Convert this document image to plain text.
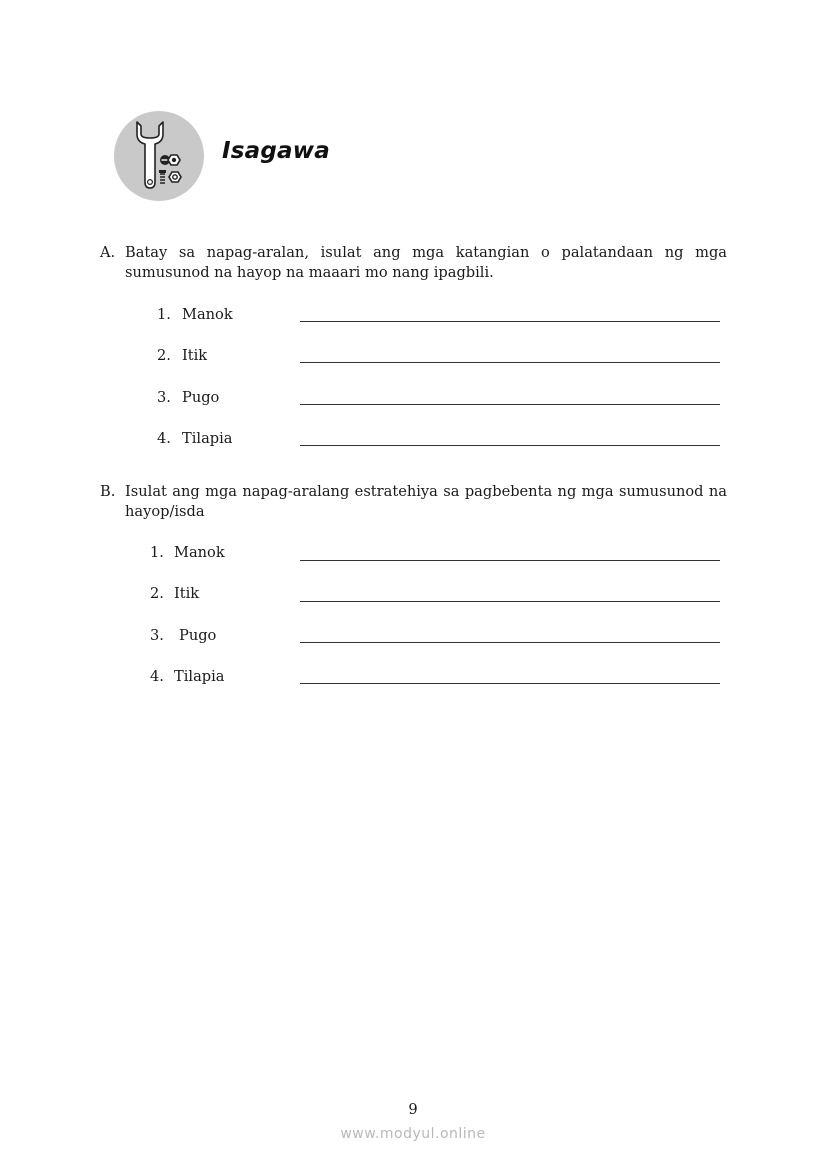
Isagawa
A. Batay sa napag-aralan, isulat ang mga katangian o palatandaan ng mga sumusunod na hayop na maaari mo nang ipagbili.
1. Manok
2. Itik
3. Pugo
4. Tilapia
B. Isulat ang mga napag-aralang estratehiya sa pagbebenta ng mga sumusunod na hayop/isda
1. Manok
2. Itik
3. Pugo
4. Tilapia
9
www.modyul.online
